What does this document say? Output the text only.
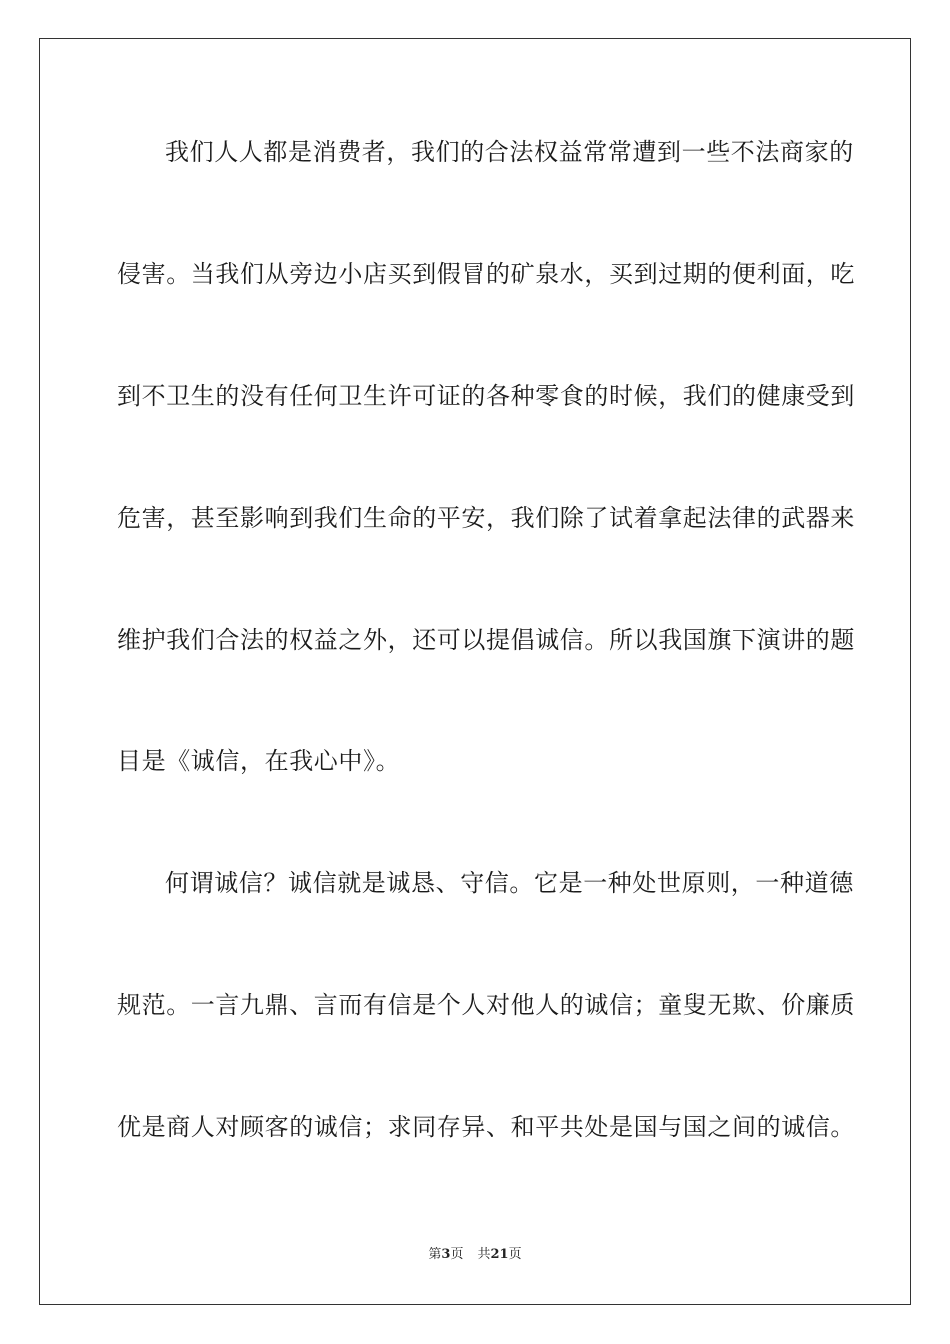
我们人人都是消费者，我们的合法权益常常遭到一些不法商家的
侵害。当我们从旁边小店买到假冒的矿泉水，买到过期的便利面，吃
到不卫生的没有任何卫生许可证的各种零食的时候，我们的健康受到
危害，甚至影响到我们生命的平安，我们除了试着拿起法律的武器来
维护我们合法的权益之外，还可以提倡诚信。所以我国旗下演讲的题
目是《诚信，在我心中》。
何谓诚信？诚信就是诚恳、守信。它是一种处世原则，一种道德
规范。一言九鼎、言而有信是个人对他人的诚信；童叟无欺、价廉质
优是商人对顾客的诚信；求同存异、和平共处是国与国之间的诚信。
第3页 共21页
